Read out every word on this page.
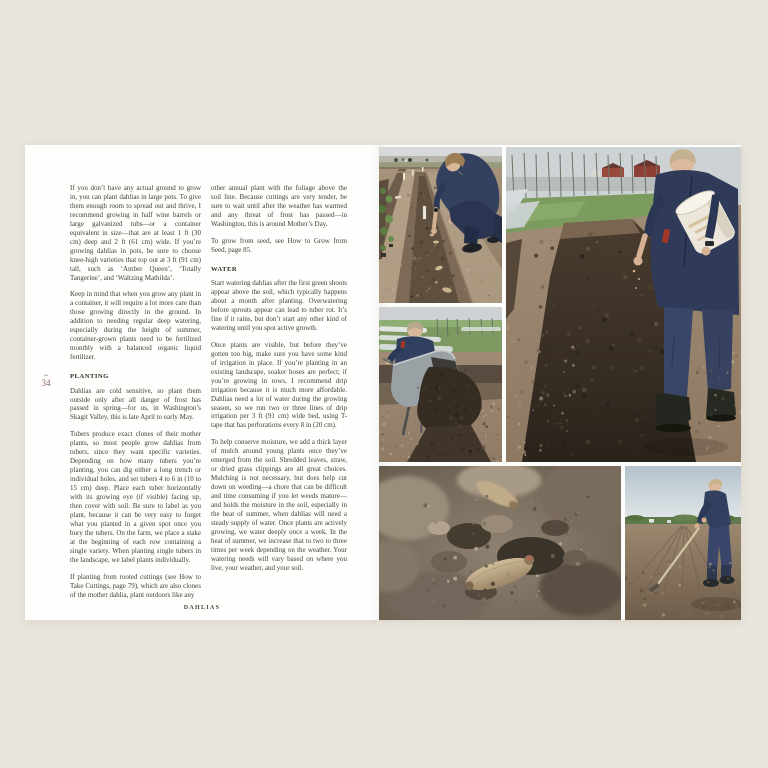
~
34

If you don’t have any actual ground to grow in, you can plant dahlias in large pots. To give them enough room to spread out and thrive, I recommend growing in half wine barrels or large galvanized tubs—or a container equivalent in size—that are at least 1 ft (30 cm) deep and 2 ft (61 cm) wide. If you’re growing dahlias in pots, be sure to choose knee-high varieties that top out at 3 ft (91 cm) tall, such as ‘Amber Queen’, ‘Totally Tangerine’, and ‘Waltzing Mathilda’.

Keep in mind that when you grow any plant in a container, it will require a lot more care than those growing directly in the ground. In addition to needing regular deep watering, especially during the height of summer, container-grown plants need to be fertilized monthly with a balanced organic liquid fertilizer.

PLANTING

Dahlias are cold sensitive, so plant them outside only after all danger of frost has passed in spring—for us, in Washington’s Skagit Valley, this is late April to early May.

Tubers produce exact clones of their mother plants, so most people grow dahlias from tubers, since they want specific varieties. Depending on how many tubers you’re planting, you can dig either a long trench or individual holes, and set tubers 4 to 6 in (10 to 15 cm) deep. Place each tuber horizontally with its growing eye (if visible) facing up, then cover with soil. Be sure to label as you plant, because it can be very easy to forget what you planted in a given spot once you bury the tubers. On the farm, we place a stake at the beginning of each row containing a single variety. When planting single tubers in the landscape, we label plants individually.

If planting from rooted cuttings (see How to Take Cuttings, page 79), which are also clones of the mother dahlia, plant outdoors like any

other annual plant with the foliage above the soil line. Because cuttings are very tender, be sure to wait until after the weather has warmed and any threat of frost has passed—in Washington, this is around Mother’s Day.

To grow from seed, see How to Grow from Seed, page 85.

WATER

Start watering dahlias after the first green shoots appear above the soil, which typically happens about a month after planting. Overwatering before sprouts appear can lead to tuber rot. It’s fine if it rains, but don’t start any other kind of watering until you spot active growth.

Once plants are visible, but before they’ve gotten too big, make sure you have some kind of irrigation in place. If you’re planting in an existing landscape, soaker hoses are perfect; if you’re growing in rows, I recommend drip irrigation because it is much more affordable. Dahlias need a lot of water during the growing season, so we run two or three lines of drip irrigation per 3 ft (91 cm) wide bed, using T-tape that has perforations every 8 in (20 cm).

To help conserve moisture, we add a thick layer of mulch around young plants once they’ve emerged from the soil. Shredded leaves, straw, or dried grass clippings are all great choices. Mulching is not necessary, but does help cut down on weeding—a chore that can be difficult and time consuming if you let weeds mature—and holds the moisture in the soil, especially in the heat of summer, when dahlias will need a steady supply of water. Once plants are actively growing, we water deeply once a week. In the heat of summer, we increase that to two to three times per week depending on the weather. Your watering needs will vary based on where you live, your weather, and your soil.

DAHLIAS
